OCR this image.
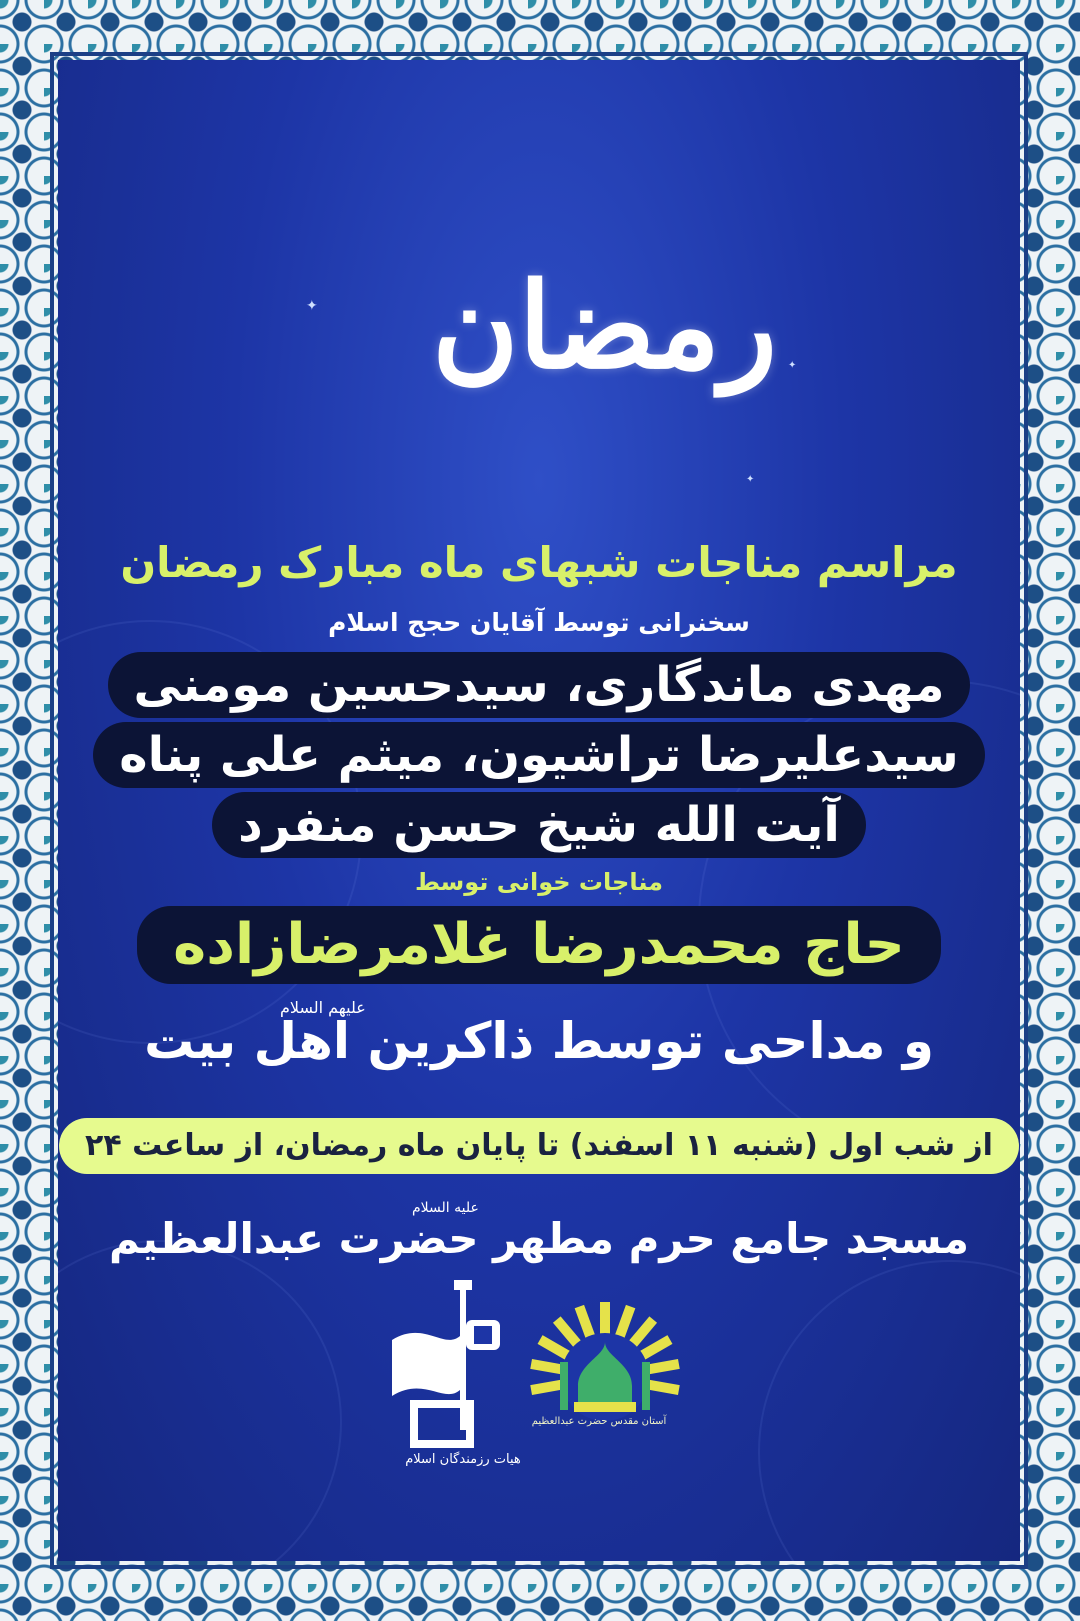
✦
✦
✦
رمضان
مراسم مناجات شبهای ماه مبارک رمضان
سخنرانی توسط آقایان حجج اسلام
مهدی ماندگاری، سیدحسین مومنی
سیدعلیرضا تراشیون، میثم علی پناه
آیت الله شیخ حسن منفرد
مناجات خوانی توسط
حاج محمدرضا غلامرضازاده
علیهم السلام
و مداحی توسط ذاکرین اهل بیت
از شب اول (شنبه ۱۱ اسفند) تا پایان ماه رمضان، از ساعت ۲۴
علیه السلام
مسجد جامع حرم مطهر حضرت عبدالعظیم
هیات رزمندگان اسلام
آستان مقدس حضرت عبدالعظیم
